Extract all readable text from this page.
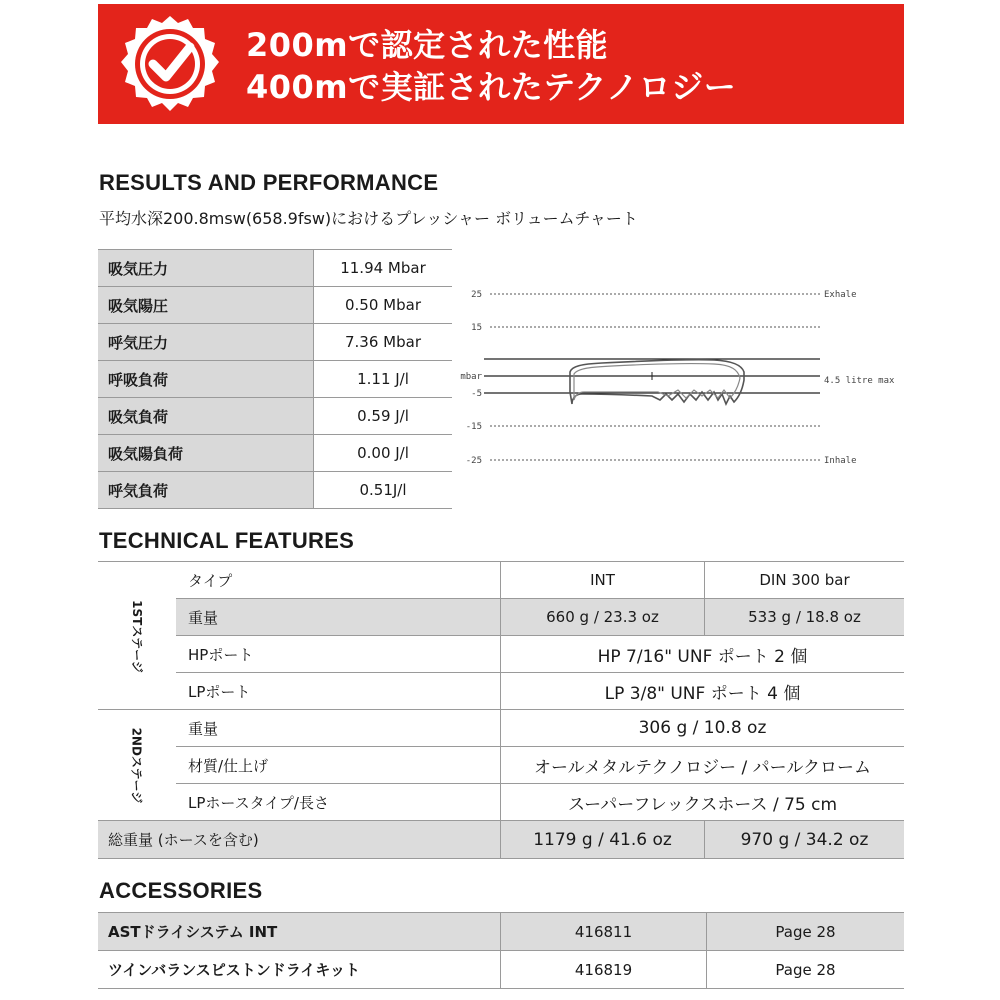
200mで認定された性能
400mで実証されたテクノロジー
RESULTS AND PERFORMANCE
平均水深200.8msw(658.9fsw)におけるプレッシャー ボリュームチャート
吸気圧力	11.94 Mbar
吸気陽圧	0.50 Mbar
呼気圧力	7.36 Mbar
呼吸負荷	1.11 J/l
吸気負荷	0.59 J/l
吸気陽負荷	0.00 J/l
呼気負荷	0.51J/l
25
15
mbar
-5
-15
-25
Exhale
4.5 litre max
Inhale
TECHNICAL FEATURES
1STステージ	タイプ	INT	DIN 300 bar
	重量	660 g / 23.3 oz	533 g / 18.8 oz
	HPポート	HP 7/16" UNF ポート 2 個	
	LPポート	LP 3/8" UNF ポート 4 個	
2NDステージ	重量	306 g / 10.8 oz	
	材質/仕上げ	オールメタルテクノロジー / パールクローム	
	LPホースタイプ/長さ	スーパーフレックスホース / 75 cm	
総重量 (ホースを含む)		1179 g / 41.6 oz	970 g / 34.2 oz
ACCESSORIES
ASTドライシステム INT	416811	Page 28
ツインバランスピストンドライキット	416819	Page 28
